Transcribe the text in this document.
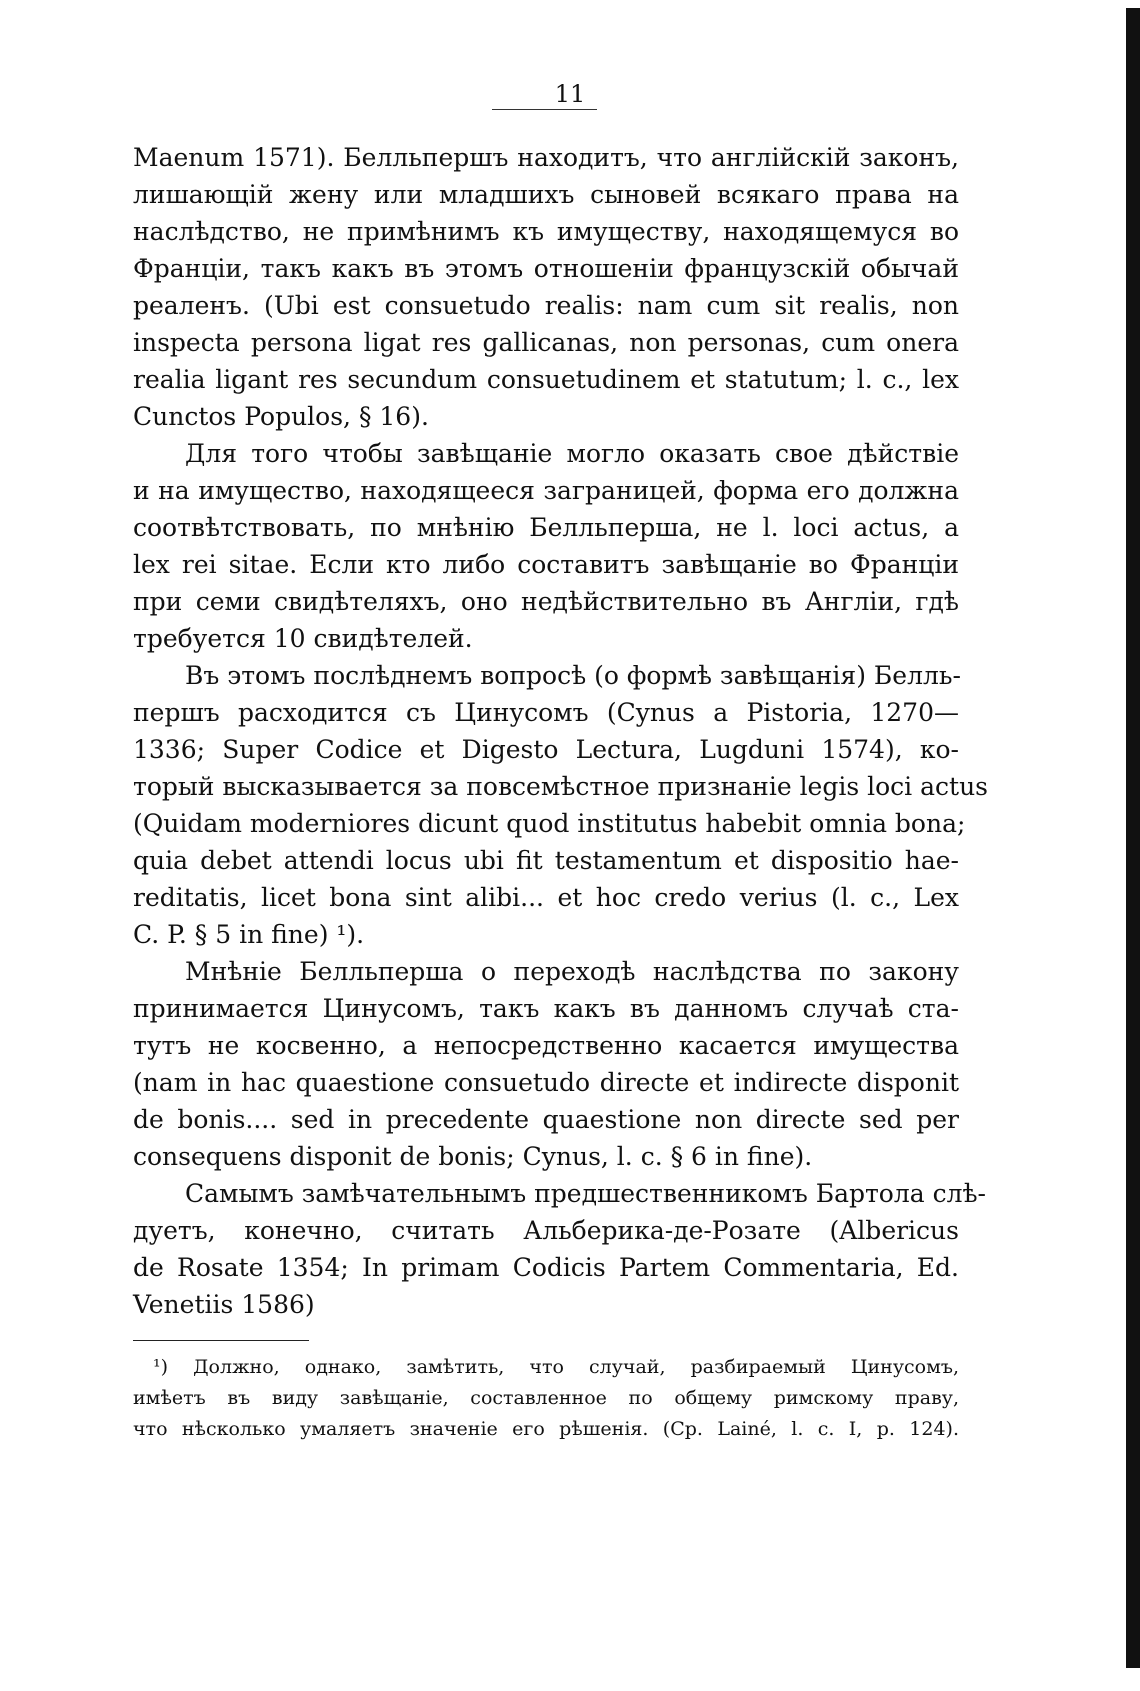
11
Maenum 1571). Белльпершъ находитъ, что англійскій законъ,
лишающій жену или младшихъ сыновей всякаго права на
наслѣдство, не примѣнимъ къ имуществу, находящемуся во
Франціи, такъ какъ въ этомъ отношеніи французскій обычай
реаленъ. (Ubi est consuetudo realis: nam cum sit realis, non
inspecta persona ligat res gallicanas, non personas, cum onera
realia ligant res secundum consuetudinem et statutum; l. c., lex
Cunctos Populos, § 16).
Для того чтобы завѣщаніе могло оказать свое дѣйствіе
и на имущество, находящееся заграницей, форма его должна
соотвѣтствовать, по мнѣнію Белльперша, не l. loci actus, a
lex rei sitae. Если кто либо составитъ завѣщаніе во Франціи
при семи свидѣтеляхъ, оно недѣйствительно въ Англіи, гдѣ
требуется 10 свидѣтелей.
Въ этомъ послѣднемъ вопросѣ (о формѣ завѣщанія) Белль-
першъ расходится съ Цинусомъ (Cynus a Pistoria, 1270—
1336; Super Codice et Digesto Lectura, Lugduni 1574), ко-
торый высказывается за повсемѣстное признаніе legis loci actus
(Quidam moderniores dicunt quod institutus habebit omnia bona;
quia debet attendi locus ubi fit testamentum et dispositio hae-
reditatis, licet bona sint alibi... et hoc credo verius (l. c., Lex
C. P. § 5 in fine) ¹).
Мнѣніе Белльперша о переходѣ наслѣдства по закону
принимается Цинусомъ, такъ какъ въ данномъ случаѣ ста-
тутъ не косвенно, а непосредственно касается имущества
(nam in hac quaestione consuetudo directe et indirecte disponit
de bonis.... sed in precedente quaestione non directe sed per
consequens disponit de bonis; Cynus, l. c. § 6 in fine).
Самымъ замѣчательнымъ предшественникомъ Бартола слѣ-
дуетъ, конечно, считать Альберика-де-Розате (Albericus
de Rosate 1354; In primam Codicis Partem Commentaria, Ed.
Venetiis 1586)
¹) Должно, однако, замѣтить, что случай, разбираемый Цинусомъ,
имѣетъ въ виду завѣщаніе, составленное по общему римскому праву,
что нѣсколько умаляетъ значеніе его рѣшенія. (Ср. Lainé, l. c. I, p. 124).
